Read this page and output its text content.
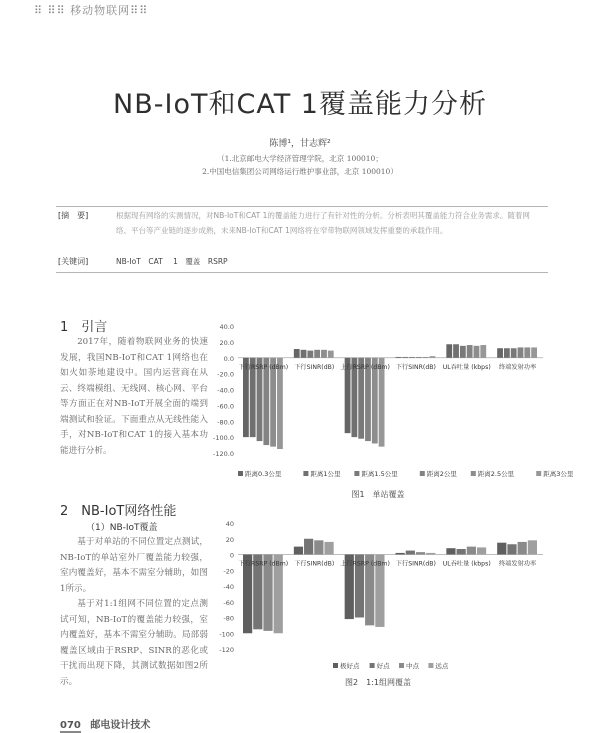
⠿ ⠿⠿ 移动物联网⠿⠿
NB-IoT和CAT 1覆盖能力分析
陈博¹，甘志辉²
（1.北京邮电大学经济管理学院，北京 100010；
2.中国电信集团公司网络运行维护事业部，北京 100010）
[摘　要]	根据现有网络的实测情况，对NB-IoT和CAT 1的覆盖能力进行了有针对性的分析。分析表明其覆盖能力符合业务需求。随着网络、平台等产业链的逐步成熟，未来NB-IoT和CAT 1网络将在窄带物联网领域发挥重要的承载作用。
[关键词]	NB-IoT　CAT 1　覆盖　RSRP
1　引言

2017年，随着物联网业务的快速发展，我国NB-IoT和CAT 1网络也在如火如荼地建设中。国内运营商在从云、终端模组、无线网、核心网、平台等方面正在对NB-IoT开展全面的端到端测试和验证。下面重点从无线性能入手，对NB-IoT和CAT 1的接入基本功能进行分析。

2　NB-IoT网络性能
（1）NB-IoT覆盖

基于对单站的不同位置定点测试，NB-IoT的单站室外厂覆盖能力较强，室内覆盖好，基本不需室分辅助，如图1所示。

基于对1:1组网不同位置的定点测试可知，NB-IoT的覆盖能力较强，室内覆盖好，基本不需室分辅助。局部弱覆盖区域由于RSRP、SINR的恶化或干扰而出现下降，其测试数据如图2所示。

40.0
20.0
0.0
-20.0
-40.0
-60.0
-80.0
-100.0
-120.0
下行RSRP (dBm) 下行SINR(dB) 上行RSRP (dBm) 下行SINR(dB) UL吞吐量 (kbps) 终端发射功率
距离0.3公里	距离1公里	距离1.5公里	距离2公里	距离2.5公里	距离3公里
图1　单站覆盖
40
20
0
-20
-40
-60
-80
-100
-120
下行RSRP (dBm) 下行SINR(dB) 上行RSRP (dBm) 下行SINR(dB) UL吞吐量 (kbps) 终端发射功率
极好点	好点	中点	远点
图2　1:1组网覆盖
070 邮电设计技术
